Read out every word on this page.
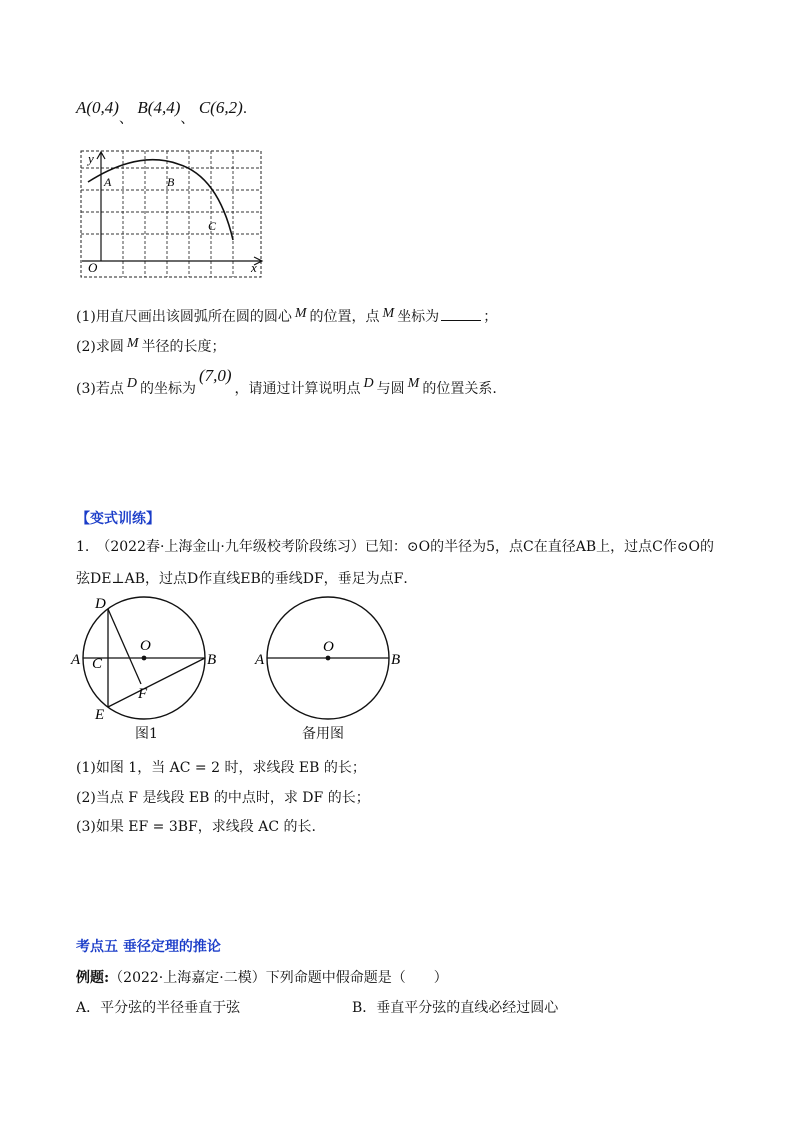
A(0,4)、 B(4,4)、 C(6,2).
y
x
O
A	B
C
(1)用直尺画出该圆弧所在圆的圆心 M 的位置，点 M 坐标为	；
(2)求圆 M 半径的长度；
(3)若点 D 的坐标为(7,0)，请通过计算说明点 D 与圆 M 的位置关系.
【变式训练】
1.　（2022春·上海金山·九年级校考阶段练习）已知：⊙O的半径为5，点C在直径AB上，过点C作⊙O的
弦DE⊥AB，过点D作直线EB的垂线DF，垂足为点F．
D
O
A C	B
F
E
图1
O
A	B
备用图
(1)如图 1，当 AC = 2 时，求线段 EB 的长；
(2)当点 F 是线段 EB 的中点时，求 DF 的长；
(3)如果 EF = 3BF，求线段 AC 的长.
考点五 垂径定理的推论
例题:（2022·上海嘉定·二模）下列命题中假命题是（　　）
A．平分弦的半径垂直于弦	B．垂直平分弦的直线必经过圆心
